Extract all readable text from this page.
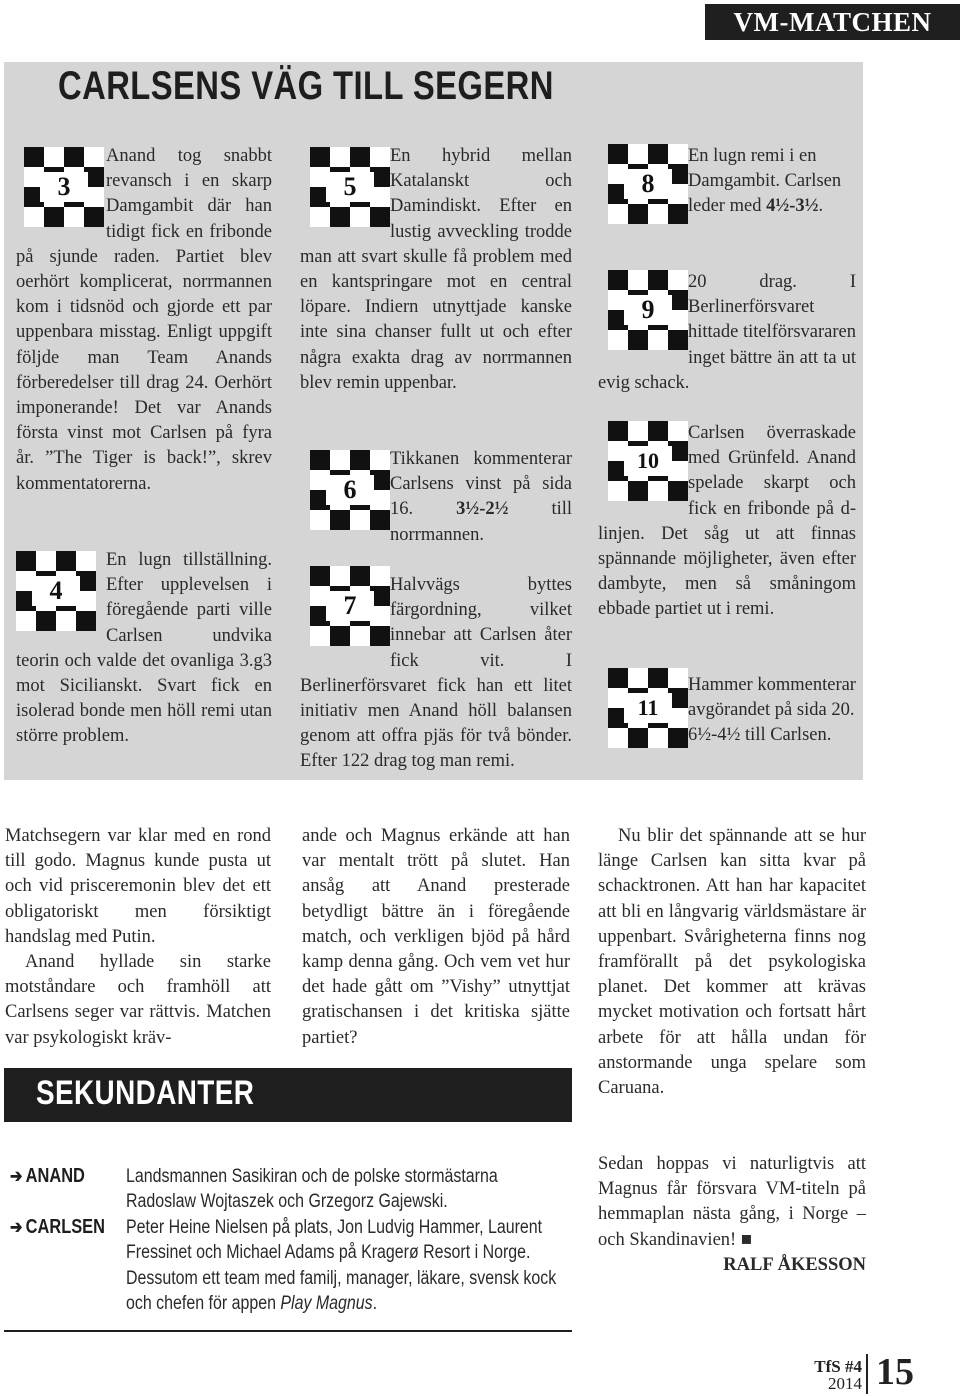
VM-MATCHEN
CARLSENS VÄG TILL SEGERN
3

Anand tog snabbt revansch i en skarp Damgambit där han tidigt fick en fribonde på sjunde raden. Partiet blev oerhört komplicerat, norrmannen kom i tidsnöd och gjorde ett par uppenbara misstag. Enligt uppgift följde man Team Anands förberedelser till drag 24. Oerhört imponerande! Det var Anands första vinst mot Carlsen på fyra år. ”The Tiger is back!”, skrev kommentatorerna.

4

En lugn tillställning. Efter upplevelsen i föregående parti ville Carlsen undvika teorin och valde det ovanliga 3.g3 mot Sicilianskt. Svart fick en isolerad bonde men höll remi utan större problem.

5

En hybrid mellan Katalanskt och Damindiskt. Efter en lustig avveckling trodde man att svart skulle få problem med en kantspringare mot en central löpare. Indiern utnyttjade kanske inte sina chanser fullt ut och efter några exakta drag av norrmannen blev remin uppenbar.

6

Tikkanen kommenterar Carlsens vinst på sida 16. 3½-2½ till norrmannen.

7

Halvvägs byttes färgordning, vilket innebar att Carlsen åter fick vit. I Berlinerförsvaret fick han ett litet initiativ men Anand höll balansen genom att offra pjäs för två bönder. Efter 122 drag tog man remi.

8

En lugn remi i en Damgambit. Carlsen leder med 4½-3½.

9

20 drag. I Berlinerförsvaret hittade titelförsvararen inget bättre än att ta ut evig schack.

10

Carlsen överraskade med Grünfeld. Anand spelade skarpt och fick en fribonde på d-linjen. Det såg ut att finnas spännande möjligheter, även efter dambyte, men så småningom ebbade partiet ut i remi.

11

Hammer kommenterar avgörandet på sida 20. 6½-4½ till Carlsen.

Matchsegern var klar med en rond till godo. Magnus kunde pusta ut och vid prisceremonin blev det ett obligatoriskt men försiktigt handslag med Putin.

Anand hyllade sin starke motståndare och framhöll att Carlsens seger var rättvis. Matchen var psykologiskt kräv-

ande och Magnus erkände att han var mentalt trött på slutet. Han ansåg att Anand presterade betydligt bättre än i föregående match, och verkligen bjöd på hård kamp denna gång. Och vem vet hur det hade gått om ”Vishy” utnyttjat gratischansen i det kritiska sjätte partiet?

Nu blir det spännande att se hur länge Carlsen kan sitta kvar på schacktronen. Att han har kapacitet att bli en långvarig världsmästare är uppenbart. Svårigheterna finns nog framförallt på det psykologiska planet. Det kommer att krävas mycket motivation och fortsatt hårt arbete för att hålla undan för anstormande unga spelare som Caruana.

Sedan hoppas vi naturligtvis att Magnus får försvara VM-titeln på hemmaplan nästa gång, i Norge – och Skandinavien! ■

RALF ÅKESSON

SEKUNDANTER
➔ ANAND Landsmannen Sasikiran och de polske stormästarna
Radoslaw Wojtaszek och Grzegorz Gajewski.
➔ CARLSEN Peter Heine Nielsen på plats, Jon Ludvig Hammer, Laurent
Fressinet och Michael Adams på Kragerø Resort i Norge.
Dessutom ett team med familj, manager, läkare, svensk kock
och chefen för appen Play Magnus.
TfS #4
2014 15
